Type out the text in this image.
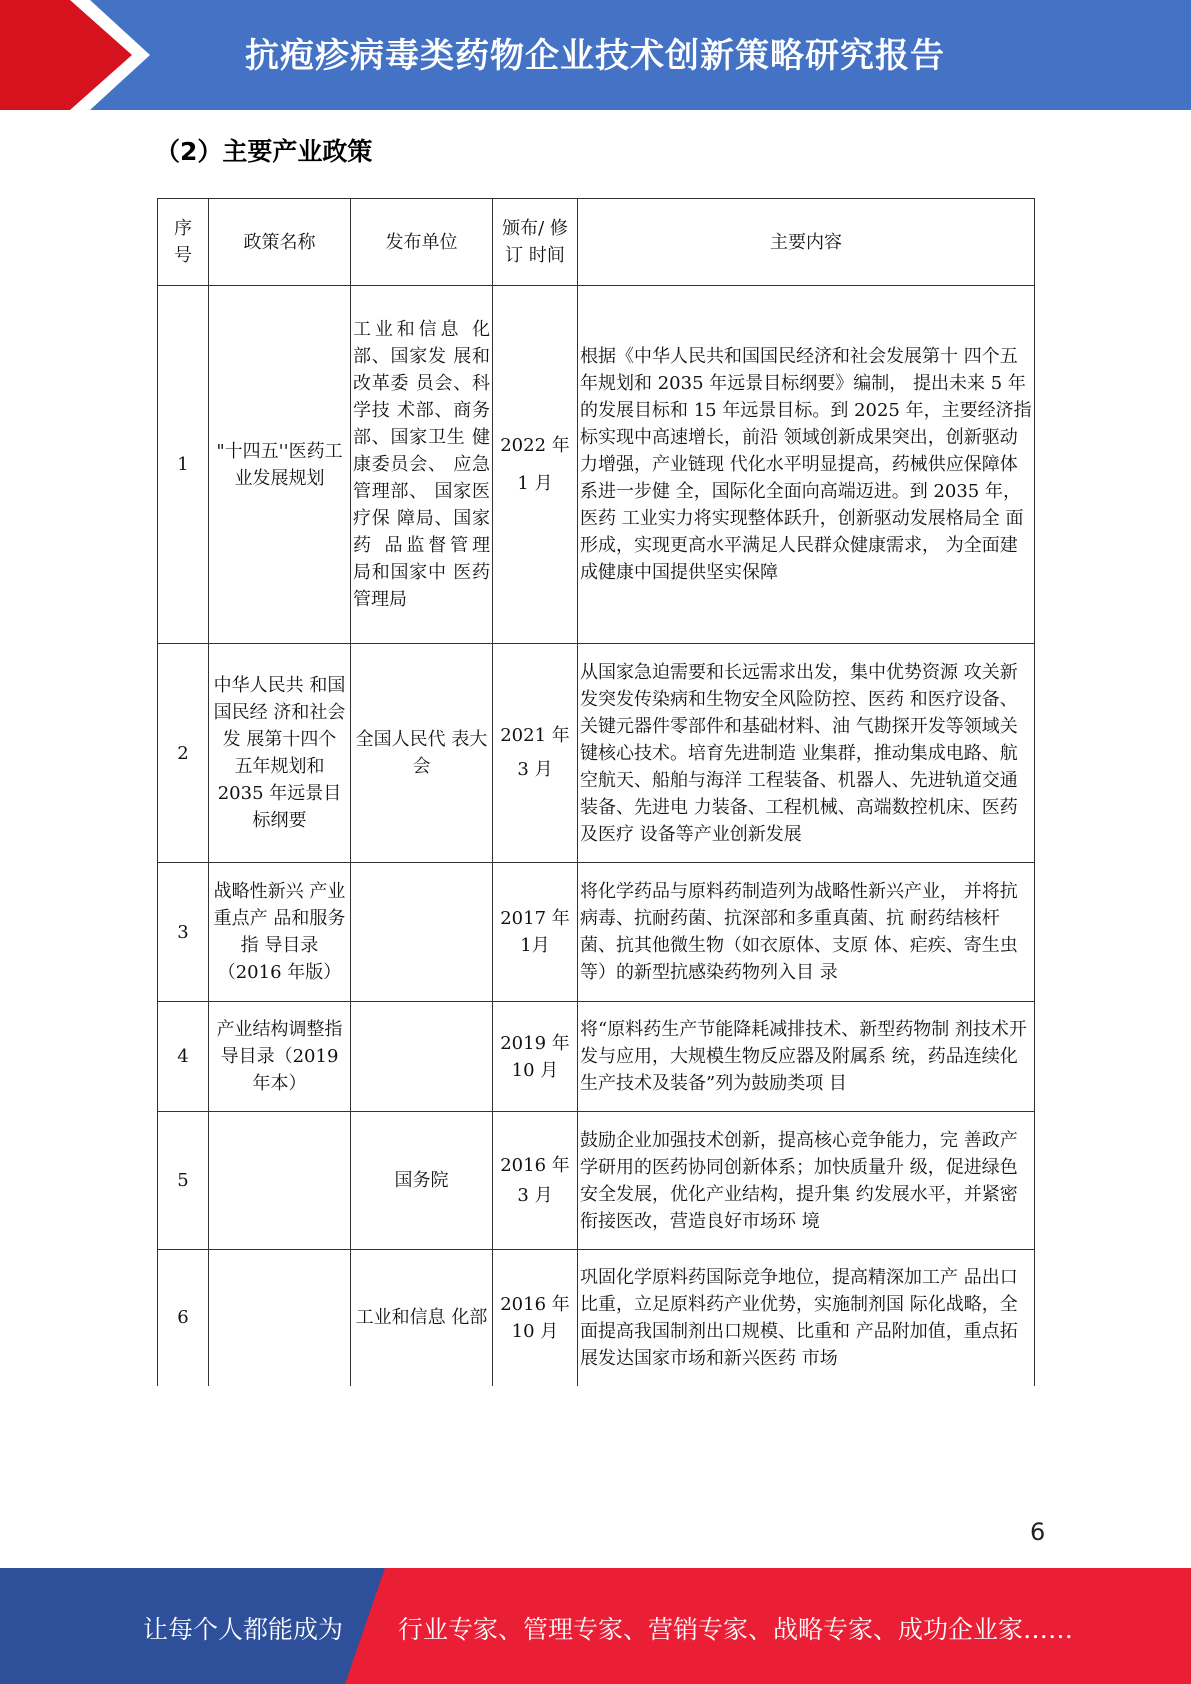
抗疱疹病毒类药物企业技术创新策略研究报告
（2）主要产业政策
序号	政策名称	发布单位	颁布/ 修订 时间	主要内容
1	"十四五''医药工业发展规划	工业和信息 化部、国家发 展和改革委 员会、科学技 术部、商务 部、国家卫生 健康委员会、 应急管理部、 国家医疗保 障局、国家药 品监督管理 局和国家中 医药管理局	2022 年 1 月	根据《中华人民共和国国民经济和社会发展第十 四个五年规划和 2035 年远景目标纲要》编制， 提出未来 5 年的发展目标和 15 年远景目标。到 2025 年，主要经济指标实现中高速增长，前沿 领域创新成果突出，创新驱动力增强，产业链现 代化水平明显提高，药械供应保障体系进一步健 全，国际化全面向高端迈进。到 2035 年，医药 工业实力将实现整体跃升，创新驱动发展格局全 面形成，实现更高水平满足人民群众健康需求， 为全面建成健康中国提供坚实保障
2	中华人民共 和国国民经 济和社会发 展第十四个 五年规划和 2035 年远景目标纲要	全国人民代 表大会	2021 年 3 月	从国家急迫需要和长远需求出发，集中优势资源 攻关新发突发传染病和生物安全风险防控、医药 和医疗设备、关键元器件零部件和基础材料、油 气勘探开发等领域关键核心技术。培育先进制造 业集群，推动集成电路、航空航天、船舶与海洋 工程装备、机器人、先进轨道交通装备、先进电 力装备、工程机械、高端数控机床、医药及医疗 设备等产业创新发展
3	战略性新兴 产业重点产 品和服务指 导目录（2016 年版）		2017 年 1月	将化学药品与原料药制造列为战略性新兴产业， 并将抗病毒、抗耐药菌、抗深部和多重真菌、抗 耐药结核杆菌、抗其他微生物（如衣原体、支原 体、疟疾、寄生虫等）的新型抗感染药物列入目 录
4	产业结构调整指导目录（2019 年本）		2019 年 10 月	将“原料药生产节能降耗减排技术、新型药物制 剂技术开发与应用，大规模生物反应器及附属系 统，药品连续化生产技术及装备”列为鼓励类项 目
5		国务院	2016 年 3 月	鼓励企业加强技术创新，提高核心竞争能力，完 善政产学研用的医药协同创新体系；加快质量升 级，促进绿色安全发展，优化产业结构，提升集 约发展水平，并紧密衔接医改，营造良好市场环 境
6		工业和信息 化部	2016 年 10 月	巩固化学原料药国际竞争地位，提高精深加工产 品出口比重，立足原料药产业优势，实施制剂国 际化战略，全面提高我国制剂出口规模、比重和 产品附加值，重点拓展发达国家市场和新兴医药 市场
6
让每个人都能成为 行业专家、管理专家、营销专家、战略专家、成功企业家……
